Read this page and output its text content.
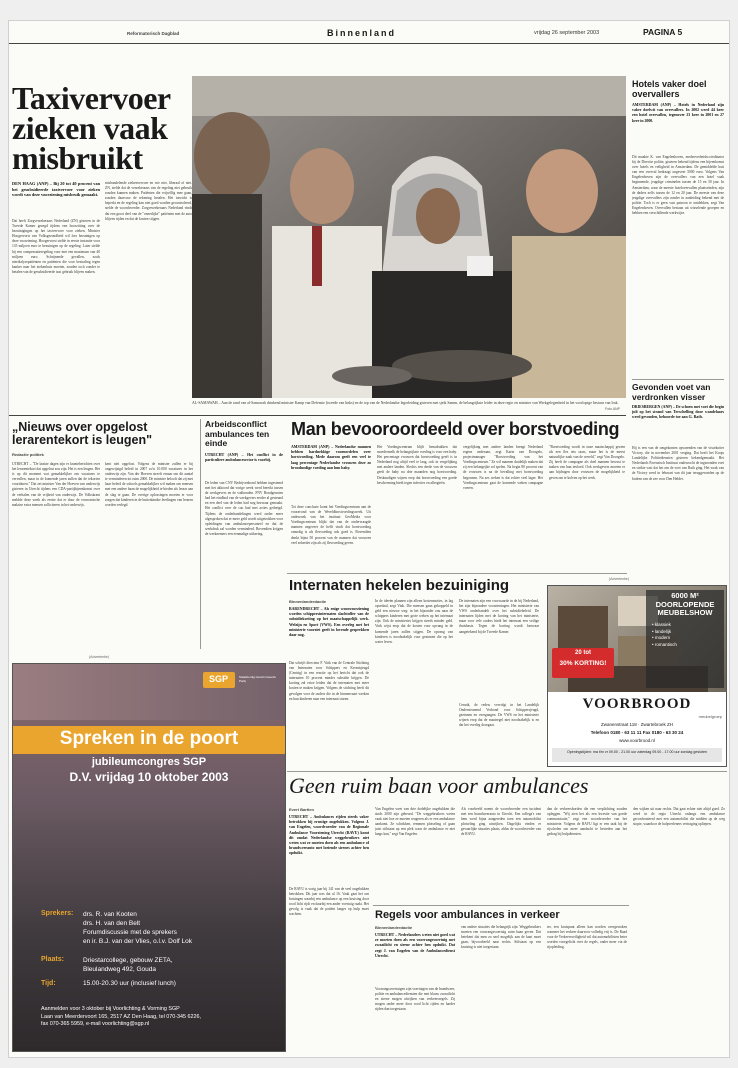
Reformatorisch Dagblad	Binnenland	vrijdag 26 september 2003	PAGINA 5
Taxivervoer zieken vaak misbruikt
DEN HAAG (ANP) – Bij 20 tot 40 procent van het gesubsidieerde taxivervoer voor zieken wordt van deze voorziening misbruik gemaakt.
Dat heeft Zorgverzekeraars Nederland (ZN) gisteren in de Tweede Kamer gezegd tijdens een hoorzitting over de bezuinigingen op het taxivervoer voor zieken. Minister Hoogervorst van Volksgezondheid wil fors bezuinigen op deze voorziening. Hoogervorst stelde in eerste instantie voor 135 miljoen euro te bezuinigen op de regeling. Later stelde hij een compensatieregeling voor met een maximum van 40 miljoen euro. Schrijnende gevallen, zoals nierdialysepatiënten en patiënten die voor bestraling tegen kanker naar het ziekenhuis moeten, zouden toch zonder te betalen van de gesubsidieerde taxi gebruik blijven maken.
mishandelende ziekenvervoer en wie niet, liberaal of niet. ZN, stelde dat de verzekeraars van de regeling niet gebruik zouden kunnen maken. Patiënten die vrijwillig mee gaan, zouden daarvoor de rekening betalen. Het toezicht is beperkt en de regeling kan niet goed worden gecontroleerd, stelde de woordvoerder. Zorgverzekeraars Nederland vindt dat een groot deel van de "oneerlijke" patiënten met de auto blijven rijden en dat de kosten stijgen.
AL-SAMAWAH – Aan de rand van al-Samawah drinkend minister Kamp van Defensie (tweede van links) en de top van de Nederlandse legerleiding gisteren met sjeik Samm, de belangrijkste leider in deze regio en minister van Werkgelegenheid in het voorlopige bestuur van Irak.
Foto ANP
Hotels vaker doel overvallers
AMSTERDAM (ANP) – Hotels in Nederland zijn vaker doelwit van overvallers. In 2002 werd 44 keer een hotel overvallen, tegenover 23 keer in 2001 en 27 keer in 2000.
Dit maakte K. van Engelenhoven, medeoverheidscoördinator bij de Directie politie, gisteren bekend tijdens een bijeenkomst over hotels en veiligheid in Amsterdam. De gemiddelde buit van een overval bedraagt ongeveer 5000 euro. Volgens Van Engelenhoven zijn de overvallers van een hotel vaak beginnende, jeugdige criminelen tussen de 15 en 30 jaar. In Amsterdam, waar de meeste hotelovervallen plaatsvinden, zijn de daders zelfs tussen de 12 en 20 jaar. De meeste van deze jeugdige overvallers zijn zonder in aanleiding bekend met de politie. Toch is er geen vast patroon te ontdekken, zegt Van Engelenhoven. Overvallen bestaan uit wisselende groepen en hebben een verschillende werkwijze.
Gevonden voet van verdronken visser
DRIESBERGEN (ANP) – De schoen met voet die begin juli op het strand van Terschelling door wandelaars werd gevonden, behoorde toe aan G. Rath.
Hij is een van de omgekomen opvarenden van de vissekotter Victory, die in november 2001 verging. Dat heeft het Korps Landelijke Politiediensten gisteren bekendgemaakt. Het Nederlands Forensisch Instituut onderzocht de ingezonden voet en strikte vast dat het om de voet van Rath ging. Het wrak van de Victory werd in februari van dit jaar teruggevonden op de bodem van de zee voor Den Helder.
„Nieuws over opgelost lerarentekort is leugen"
Redactie politiek
UTRECHT – "De laatste dagen zijn er kranteberichten over het lerarentekort dat opgelost zou zijn. Het is een leugen. Het is op dit moment wat gemakkelijker om vacatures te vervullen, maar in de komende jaren zullen dat de tekorten voortduren." Dat zei minister Van der Hoeven van onderwijs gisteren in Utrecht tijdens een CDA-partijbijeenkomst over de verhalen van de vrijheid van onderwijs. De Volkskrant meldde deze week als eerste dat er door de economische malaise extra mensen solliciteren in het onderwijs.
kent niet opgelost. Volgens de minister zullen er bij ongewijzigd beleid in 2007 zo'n 10.000 vacatures in het onderwijs zijn. Van der Hoeven streeft ernaar om dit aantal te verminderen tot ruim 2000. De minister belooft dat zij met haar beleid de schools gemakkelijker wil maken om mensen met een andere baan de mogelijkheid te bieden als leraar aan de slag te gaan. De overige oplossingen moeten er voor zorgen dat kinderen in de buitenlandse leerlingen van leraren worden verlegd.
Arbeidsconflict ambulances ten einde
UTRECHT (ANP) – Het conflict in de particuliere ambulancesector is voorbij.
De leden van CNV Bedrijvenbond hebben ingestemd met het akkoord dat vorige week werd bereikt tussen de werkgevers en de vakbonden. FNV Bondgenoten had het eindbod van de werkgevers eerder al gesteund en een deel van de leden had nog bezwaar gemaakt. Het conflict over de cao had met acties gedreigd. Tijdens de onderhandelingen werd onder meer afgesproken dat er meer geld wordt uitgetrokken voor opleidingen van ambulancepersoneel en dat de werkdruk zal worden verminderd. Bovendien krijgen de werknemers een eenmalige uitkering.
Man bevooroordeeld over borstvoeding
AMSTERDAM (ANP) – Nederlandse mannen hebben hardnekkige vooroordelen over borstvoeding. Mede daarom geeft een veel te laag percentage Nederlandse vrouwen deze zo broodnodige voeding aan hun baby.
Tot deze conclusie komt het Voedingscentrum aan de vooravond van de Wereldborstvoedingsweek. Uit onderzoek van het instituut GeoMedia voor Voedingscentrum blijkt dat van de ondervraagde mannen ongeveer de helft vindt dat borstvoeding onnodig is als flesvoeding ook goed is. Bovendien denkt bijna 50 procent van de mannen dat vrouwen veel zekerder zijn als zij flesvoeding geven.
Het Voedingscentrum blijft benadrukken dat moedermelk de belangrijkste voeding is voor een baby. Het percentage vrouwen dat borstvoeding geeft is in Nederland nog altijd veel te laag, ook in vergelijking met andere landen. Slechts een derde van de vrouwen geeft de baby na drie maanden nog borstvoeding. Deskundigen wijzen erop dat borstvoeding een goede bescherming biedt tegen infecties en allergieën.
vergelijking met andere landen brengt Nederland ergens onderaan, zegt Karin van Doorgelo, projectmanager "Borstvoeding van het Voedingscentrum." Ze wil mannen duidelijk maken dat zij een belangrijke rol spelen. Na begin 80 procent van de vrouwen is na de bevalling met borstvoeding begonnen. Na zes weken is dat echter veel lager. Het Voedingscentrum gaat de komende weken campagne voeren.
"Borstvoeding wordt in onze maatschappij gezien als een fles iets raars, maar het is de meest natuurlijke zaak van de wereld," zegt Van Doorgelo. Zij heeft de campagne als doel mannen bewust te maken van hun invloed. Ook werkgevers moeten er aan bijdragen door vrouwen de mogelijkheid te geven om te kolven op het werk.
(Advertentie)
SGP	Staatkundig Gereformeerde Partij
Spreken in de poort
jubileumcongres SGP
D.V. vrijdag 10 oktober 2003
Sprekers: drs. R. van Kooten
drs. H. van den Belt
Forumdiscussie met de sprekers
en ir. B.J. van der Vlies, o.l.v. Dolf Lok
Plaats:	Driestarcollege, gebouw ZETA,
Bleulandweg 492, Gouda
Tijd:	15.00-20.30 uur (inclusief lunch)
Aanmelden voor 3 oktober bij Voorlichting & Vorming SGP
Laan van Meerdervoort 165, 2517 AZ Den Haag, tel 070-345 6226,
fax 070-365 5959, e-mail voorlichting@sgp.nl
Internaten hekelen bezuiniging
Binnenlandredactie
BARENDRECHT – Als enige woonvoorziening worden schippersinternaten slachtoffer van de subsidiekorting op het maatschappelijk werk. Welzijn en Sport (VWS). Een overleg met het ministerie voorziet geeft in lovende gesprekken daar nog.
Dat schrijft directeur F. Vink van de Centrale Stichting van Internaten voor Schippers en Kermisjeugd (Centrig) in een reactie op het bericht dat ook de internaten 10 procent minder subsidie krijgen. De korting zal ertoe leiden dat de internaten met meer kosten te maken krijgen. Volgens de stichting heeft dit gevolgen voor de ouders die in de binnenvaart werken en hun kinderen naar een internaat sturen.
In de ideeën plannen zijn alleen kostenmoties, in lag opsedaal, zegt Vink. Die mensen gaan gekoppeld in geld een nieuwe weg: in het bijzonder zou naar de schippers kinderen met grote weken op het internaat zijn. Ook de ministeries krijgen steeds minder geld. Vink wijst erop dat de kosten voor opvang in de komende jaren zullen stijgen. De opvang van kinderen is noodzakelijk voor gezinnen die op het water leven.
De internaten zijn een voorwaarde in de bij Nederland, het zijn bijzondere voorzieningen. Het ministerie van VWS onderhandelt over het subsidiebeleid. De internaten lijden met de korting van het ministerie, maar voor vele ouders biedt het internaat een veilige thuisbasis. Tegen de korting wordt bezwaar aangetekend bij de Tweede Kamer.
Cenuik, de reden, vervolgt in het Landelijk Ondersteunend Verbond voor Schippersjeugd, gezinnen en overgangen. De VWS en het ministerie wijzen erop dat de maatregel niet noodzakelijk is en dat het overleg doorgaat.
(Advertentie)
6000 M²
DOORLOPENDE
MEUBELSHOW
• klassiek
• landelijk
• modern
• romantisch
20 tot
30% KORTING!
VOORBROOD
meubelgroep
Zwanenstraat 118 · Zwartebroek ZH
Telefoon 0180 - 63 11 11 Fax 0180 - 63 30 24
www.voorbrood.nl
Openingstijden: ma t/m vr 09.00 - 21.00 uur zaterdag 09.00 - 17.00 uur zondag gesloten
Geen ruim baan voor ambulances
Evert Bartlen
UTRECHT – Ambulances rijden steeds vaker betrokken bij ernstige ongelukken. Volgens J. van Engelen, woordvoerder van de Regionale Ambulance Voorziening Utrecht (RAVU) komt dit omdat Nederlandse weggebruikers niet weten wat ze moeten doen als een ambulance of brandweerauto met loeiende sirenes achter hen opduikt.
De RAVU is vorig jaar bij 141 van de veel ongelukken betrokken. Dit jaar was dat al 16. Vaak gaat het om botsingen waarbij een ambulance op een kruising door rood licht rijdt en daarbij een ander voertuig raakt. Het gevolg is vaak dat de patiënt langer op hulp moet wachten.
Van Engelen weet van drie dodelijke ongelukken die sinds 2000 zijn gebeurd. "De weggebruikers weten vaak niet hoe ze moeten reageren als er een ambulance aankomt. Ze schrikken, remmen plotseling of gaan juist stilstaan op een plek waar de ambulance er niet langs kan," zegt Van Engelen.
Als voorbeeld noemt de woordvoerder een incident met een brandweerauto in Utrecht. Een collega's van hem werd bijna aangereden toen een automobilist plotseling ging uitwijken. Dagelijks vinden er gevaarlijke situaties plaats, aldus de woordvoerder van de RAVU.
dan de verkeersborden die een verplichting zouden opleggen. "Wij zien het als een kwestie van goede communicatie," zegt een woordvoerder van het ministerie. Volgens de RAVU ligt er een taak bij de rijscholen om meer aandacht te besteden aan het gedrag bij hulpdiensten.
den wijken uit naar rechts. Dat gaat echter niet altijd goed. Zo werd in de regio Utrecht onlangs een ambulance geconfronteerd met een automobilist die midden op de weg stopte, waardoor de hulpverleners vertraging opliepen.
Regels voor ambulances in verkeer
Binnenlandredactie
UTRECHT – Nederlanders weten niet goed wat ze moeten doen als een voorrangsvoertuig met zwaailicht en sirene achter hen opduikt. Dat zegt J. van Engelen van de Ambulancedienst Utrecht.
Voorrangsvoertuigen zijn voertuigen van de brandweer, politie en ambulancediensten die met blauw zwaailicht en sirene mogen afwijken van verkeersregels. Zij mogen onder meer door rood licht rijden en harder rijden dan toegestaan.
van andere situaties die belangrijk zijn. Weggebruikers moeten een voorrangsvoertuig ruim baan geven. Dat betekent dat men zo snel mogelijk aan de kant moet gaan, bijvoorbeeld naar rechts. Stilstaan op een kruising is niet toegestaan.
ter, een kruispunt alleen kan worden overgestoken wanneer het verkeer daarvoor volledig vrij is. De Raad voor de Verkeersveiligheid wil dat automobilisten beter worden voorgelicht over de regels, onder meer via de rijopleiding.
